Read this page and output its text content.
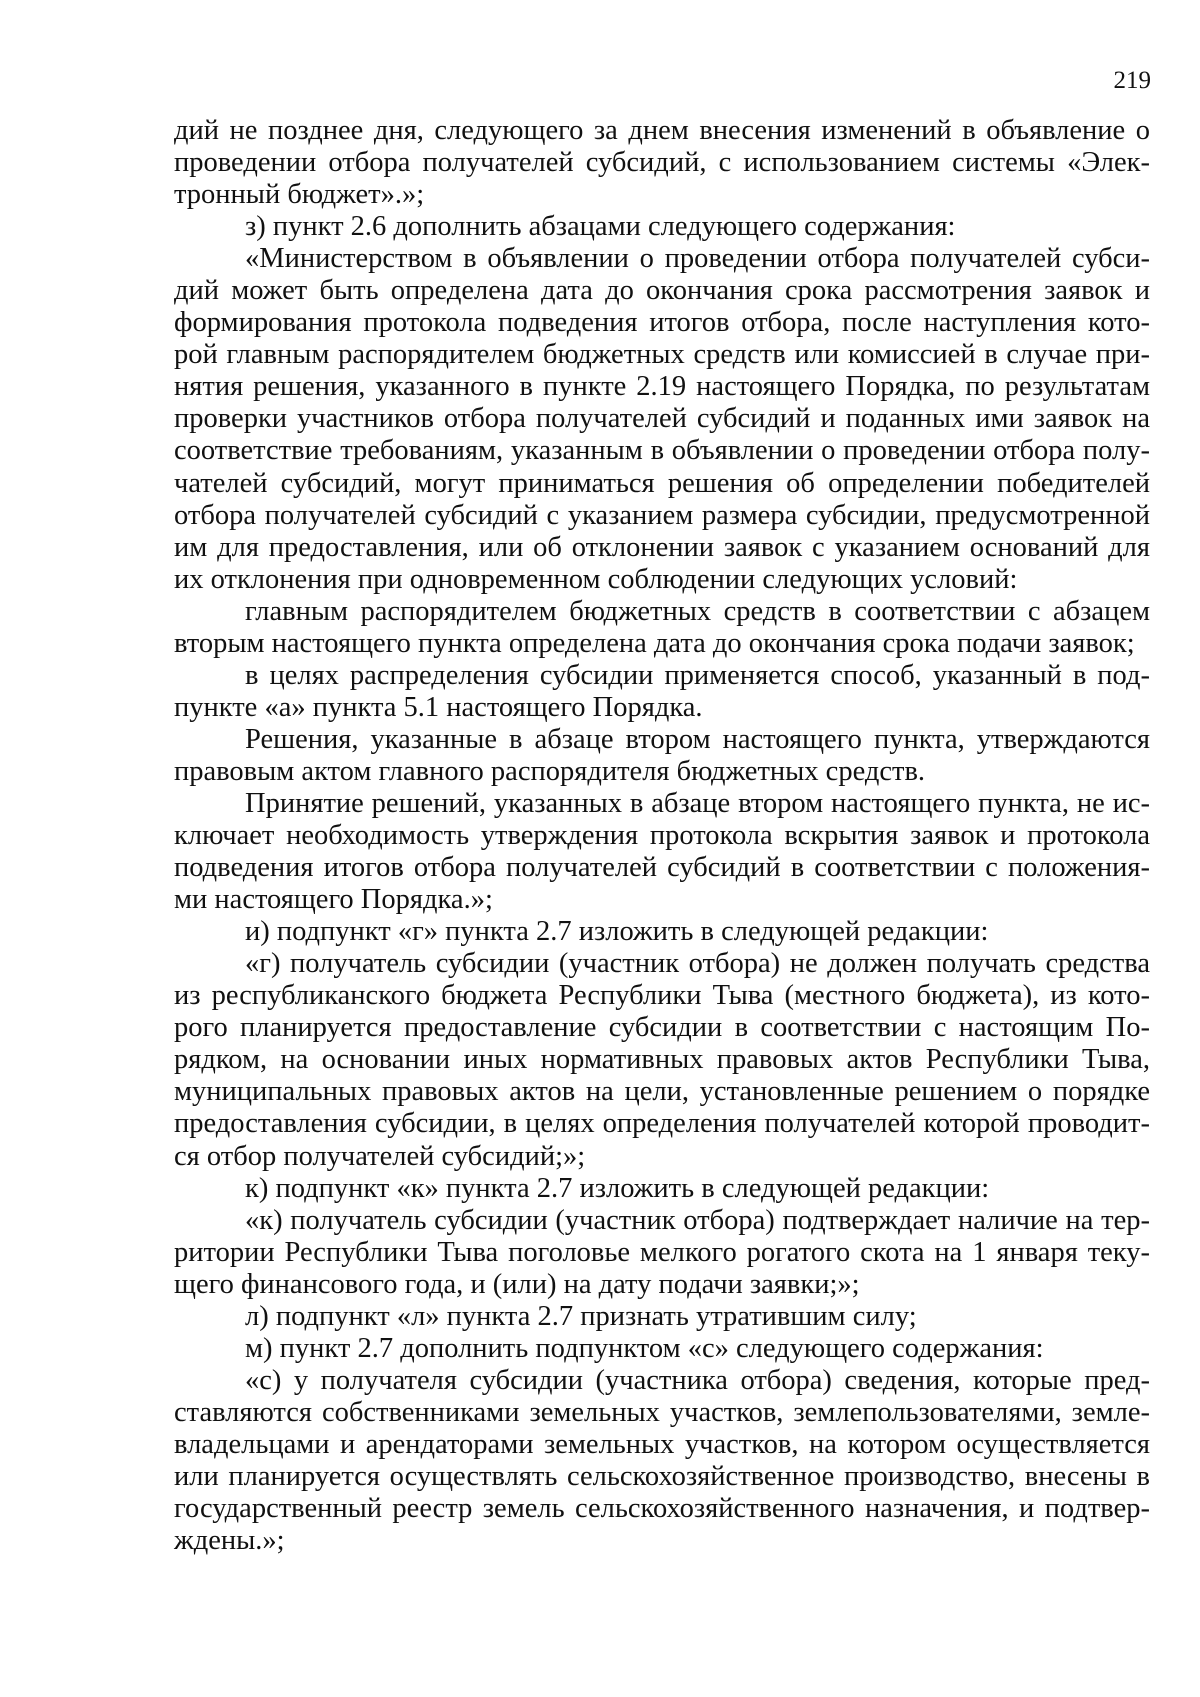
219

дий не позднее дня, следующего за днем внесения изменений в объявление о проведении отбора получателей субсидий, с использованием системы «Электронный бюджет».»;

з) пункт 2.6 дополнить абзацами следующего содержания:

«Министерством в объявлении о проведении отбора получателей субсидий может быть определена дата до окончания срока рассмотрения заявок и формирования протокола подведения итогов отбора, после наступления которой главным распорядителем бюджетных средств или комиссией в случае принятия решения, указанного в пункте 2.19 настоящего Порядка, по результатам проверки участников отбора получателей субсидий и поданных ими заявок на соответствие требованиям, указанным в объявлении о проведении отбора получателей субсидий, могут приниматься решения об определении победителей отбора получателей субсидий с указанием размера субсидии, предусмотренной им для предоставления, или об отклонении заявок с указанием оснований для их отклонения при одновременном соблюдении следующих условий:

главным распорядителем бюджетных средств в соответствии с абзацем вторым настоящего пункта определена дата до окончания срока подачи заявок;

в целях распределения субсидии применяется способ, указанный в подпункте «а» пункта 5.1 настоящего Порядка.

Решения, указанные в абзаце втором настоящего пункта, утверждаются правовым актом главного распорядителя бюджетных средств.

Принятие решений, указанных в абзаце втором настоящего пункта, не исключает необходимость утверждения протокола вскрытия заявок и протокола подведения итогов отбора получателей субсидий в соответствии с положениями настоящего Порядка.»;

и) подпункт «г» пункта 2.7 изложить в следующей редакции:

«г) получатель субсидии (участник отбора) не должен получать средства из республиканского бюджета Республики Тыва (местного бюджета), из которого планируется предоставление субсидии в соответствии с настоящим Порядком, на основании иных нормативных правовых актов Республики Тыва, муниципальных правовых актов на цели, установленные решением о порядке предоставления субсидии, в целях определения получателей которой проводится отбор получателей субсидий;»;

к) подпункт «к» пункта 2.7 изложить в следующей редакции:

«к) получатель субсидии (участник отбора) подтверждает наличие на территории Республики Тыва поголовье мелкого рогатого скота на 1 января текущего финансового года, и (или) на дату подачи заявки;»;

л) подпункт «л» пункта 2.7 признать утратившим силу;

м) пункт 2.7 дополнить подпунктом «с» следующего содержания:

«с) у получателя субсидии (участника отбора) сведения, которые представляются собственниками земельных участков, землепользователями, землевладельцами и арендаторами земельных участков, на котором осуществляется или планируется осуществлять сельскохозяйственное производство, внесены в государственный реестр земель сельскохозяйственного назначения, и подтверждены.»;
